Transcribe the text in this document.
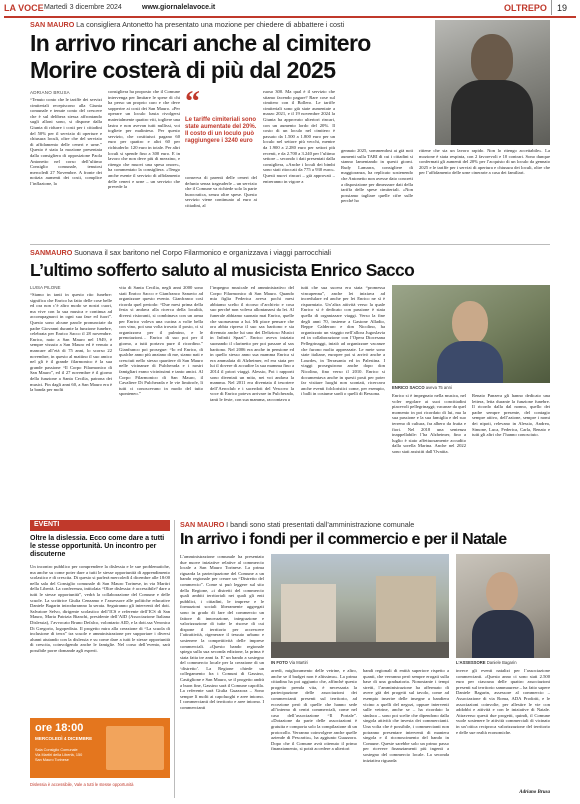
LA VOCE Martedì 3 dicembre 2024	www.giornalelavoce.it	OLTREPO 19
SAN MAURO La consigliera Antonetto ha presentato una mozione per chiedere di abbattere i costi
In arrivo rincari anche al cimitero
Morire costerà di più dal 2025
ADRIANO BRUSA
“Tenuto conto che le tariffe dei servizi cimiteriali recepiscono alla Giunta comunale e tenute conto del crescere che è sul delibera stessa affrontando sugli alloni sono, si dispone dalla Giunta di ridurre i costi per i cittadini del 50% per il servizio di operture e chiusura loculi, oltre che del servizio di affidamento delle ceneri e urne.” Questo è stata la mozione presentata dalla consigliera di opposizione Paola Antonetto nel corso dell’ultimo Consiglio comunale, tenutosi mercoledì 27 Novembre. A fronte dei notizia aumenti dei costi, complice l’inflazione, la
consigliera ha proposto che il Comune intervenga per limitare le spese di chi ha perso un proprio caro e che deve sopperire ai costi dei San Mauro. «Per operare un loculo basta rivolgersi materialmente quattro viti, togliere una lastra e non avevan tutti nullissi, voi togliete per malinteso. Per questo servizio, che costituisci pagano 60 euro per quattro e altri 60 per richiuderlo: 120 euro in totale. Per altri loculi si spende fino a 300 euro. E in lavoro che non deve più di mezzino, e ritengo che muovi una spesa onore», ha commentato la consigliera. «Tengo anche esente il servizio di affidamento delle ceneri e urne – un servizio che prevede la
“
Le tariffe cimiteriali sono state aumentate del 20%. Il costo di un loculo può raggiungere i 3240 euro
conserva di parenti delle ceneri del defunto senza tragruderle – un servizio che il Comune va richiede solo la parte burocratica, senza oltre spese. Questo servizio viene continuato al euro ai cittadini, al
ruoso 300. Ma qual è il servizio che stiamo facendo pagare? Rare cose sul cimitero con il Bollero. Le tariffe cimiteriali sono già state aumentate a marzo 2021, e il 19 novembre 2024 la Giunta ha approvato ulteriori rincari, con un aumento lordo del 20%. Il costo di un loculo nel cimitero è passato da 1.500 a 1.800 euro per un loculo nel settore più vecchi, mentre da 1.900 a 2.280 euro per settori più recenti, e da 2.700 a 3.240 per l’ultimo settore – secondo i dati presentati dalla consigliera, «Anche i loculi dei bimbi sono stati ritoccati da 775 a 930 euro». Questi nuovi rincari – già approvati – entreranno in vigore a
gennaio 2025, sommendosi ai già noti aumenti sulla TARI di cui i cittadini si stanno lamentando in questi giorni. Rudy Lamarra, consigliere di maggioranza, ha replicato sostenendo che Antonetto non avesse dato concreti a disposizione per dimezzare dati della tariffa delle spese cimiteriali. «Non possiamo tagliare quelle cifre sulle perché ho
ritiene che sia un lavoro rapido. Non lo ritengo accettabile». La mozione è stata respinta, con 2 favorevoli e 10 contrari. Sono dunque confermati gli aumenti del 20% per l’acquisto di un loculo da gennaio 2025 e le tariffe per i servizi di apertura e chiusura dei loculi, oltre che per l’affidamento delle urne cinerarie a casa dei familiari.
SANMAURO Suonava il sax baritono nel Corpo Filarmonico e organizzava i viaggi parrocchiali
L’ultimo sofferto saluto al musicista Enrico Sacco
LUISA PILONE
“Siamo in tanti in questo rito funebre: significa che Enrico ha fatto delle cose belle ed ora non c’è altro modo se nostri cuori, ma vive con la sua musica e continua ad accompagnarci in ogni sua fase ed fuori”. Questo sono alcune parole pronunciate da padre Giovanni durante la funzione funebre, celebrata per Enrico Sacco il 28 novembre. Enrico, nato a San Mauro nel 1949, è sempre vissuto a San Mauro ed è venuto a mancare all’età di 75 anni, lo scorso 22 novembre, in questo al mattino il suo amico nel gli è il grande filarmonico è la sua grande passione “Il Corpo Filarmonico di San Mauro”, ed il 27 novembre è il giorno della funzione a Santa Cecilia, patrona dei musici. Fin dagli anni 60, a San Mauro era è la banda per molti
vita di Santa Cecilia, negli anni 2000 sono stati Enrico Sacco e Gianfranco Sanavio ad organizzare questo evento. Gianfranco così ricorda quel periodo: “Due mesi prima della festa si andava alla ricerca della località, diversi ristoranti, si combinava con un arma per Enrico voleva una cucina a volte bella con vino, poi una volta trovato il posto, ci si organizzava per il pulmino, e le prenotazioni… Enrico di suo poi per il giorno, a tutti portava pure il ricordino.” Gianfranco poi prosegue: “Io ed Enrico, di qualche anno più anziano di me, siamo nati e cresciuti nello stesso quartiere di San Mauro nelle vicinanze di Pulcherada e i nostri famigliari erano vicinissimi e tanto amici. Al Corpo Filarmonico di San Mauro, il Cavaliere Di Pulcherada e le vie limitrofe, lì tutti ci conoscevano in modo del tutto sponteneo.”
l’impegno musicale ed amministrativo del Corpo Filarmonico di San Mauro. Quando mia figlia Federica aveva pochi mesi abbiamo scelto il ricorso d’archivio e cosa suo perché non voleva allontanarsi da lei. Al funerale abbiamo suonato mai Enrico, quelle che suonavamo a lui. Mi piace pensare che ora abbia ripreso il suo sax baritono e sia divenuto anche lui uno dei Delizioso Musici in Infiniti Spazi”. Enrico aveva iniziato suonando il clarinetto per poi passare al sax baritono. Nel 2006 era anche in pensione ed in quello stesso anno sua mamma Enrica si era ammalata di Alzheimer, ed era stata per lui il dovere di accudire la sua mamma fino a 2014 il priori viaggi. Alessio, Poi i rapporti sono diventati un mito, nei voi andava la mamma. Nel 2011 era diventata il tesoriere dell’Aeroclub e i sacerdoti del Vescovo la voce di Enrico poteva arrivare in Pulcherada, tanti le feste, con sua mamma, raccontava a
tutti che sua sucera era stata “promessa vincapenna”, anche lei iniziava ad incredulare ed anche per lei Enrico ne sì è risparmiato. Un’altra attività verso la quale Enrico si è dedicato con passione è stata quella di organizzare viaggi. Verso la fine degli anni 70, insieme a Gastone Alladio, Beppe Calderaro e don Nicolino, ha organizzato un viaggio nell’allora Jugoslavia ed in collaborazione con l’Opera Diocesana Pellegrinaggi, iniziò ad organizzare vacanze che furono molto apprezzate. Le mete sono state italiane, europee poi si arrivò anche a Lourdes, in Terrasanta ed in Palestina. I viaggi proseguirono anche dopo don Nicolino, fino verso il 2010. Enrico si documentava anche in questi posti per poter far visitare luoghi non scontati, ricercava anche eventi folcloristici come, per esempio, i balli in costume sardi o quelli di Bessona.
ENRICO SACCO aveva 75 anni
Enrico si è impegnato nella musica, nel voler regolare ai suoi concittadini piacevoli pellegrinaggi; vacanze da quel momento in poi ricordato di lui, ma la sua passione e la sua famiglia e del suo terreno di cultura, fra albero da frutta e fiori. Nel 2018 una sentenza inappellabile: l’ha Alzheimer, fino a luglio è stato affettuosamente accudito dalla sorella Marina. Anche nel 2022 sono stati assistiti dall’Ovatita.
Renato Panzera gli hanno dedicato una lettera, letta durante la funzione funebre. Il ricordo dalla dal nonno, quello dei padre sempre presente, del contagio sempre attivo, dell’azione, sempre i nomi dei nipoti, relevano in Alessio, Andrea, Simone, Luca, Federica, Carla, Renato e tutti gli altri che l’hanno conosciuto.
EVENTI
Oltre la dislessia. Ecco come dare a tutti le stesse opportunità. Un incontro per discuterne
Un incontro pubblico per comprendere la dislessia e le sue problematiche, ma anche su come poter dare a tutti le stesse opportunità di apprendimento scolastico e di crescita. Di questo si parlerà mercoledì 4 dicembre alle 18:00 nella sala del Consiglio comunale di San Mauro Torinese, in via Martiri della Libertà. La conferenza, intitolata “Oltre dislessia: è accessibile? dare a tutti le stesse opportunità”, vedrà la collaborazione del Comune e delle scuole. La scrittrice Giulia Cenzamo e l’assessore alle politiche educative Daniele Bagarin introdurranno la serata. Seguiranno gli interventi del dott. Salvatore Selvo, dirigente scolastico dell’ICS e referente dell’ICS di San Mauro, Maria Patrizia Bianchi, presidente dell’AID (Associazione Italiana Dislessia), l’avvocato Bruno Defalco, volontario AID, e la dott.ssa Veronica Di Gregorio, logopedista. Il progetto mira alla creazione di “La scuola di inclusione di terra” tra scuole e amministrazione per supportare i diversi alunni aiutando con la dislessia e su come dare a tutti le stesse opportunità di crescita, coinvolgendo anche le famiglie. Nel corso dell’evento, sarà possibile porre domande agli esperti.
ore 18:00
MERCOLEDÌ 4 DICEMBRE
Sala Consiglio Comunale
Via Martiri della Libertà, 150
San Mauro Torinese
Dislessia è accessibile, Vale a tutti le stesse opportunità
SAN MAURO I bandi sono stati presentati dall’amministrazione comunale
In arrivo i fondi per il commercio e per il Natale
L’amministrazione comunale ha presentato due nuove iniziative relative al commercio locale a San Mauro Torinese. La prima riguarda la partecipazione del Comune a un bando regionale per creare un “Distretto del commercio”. Come si può leggere sul sito della Regione, «i distretti del commercio quali ambiti territoriali nei quali gli enti pubblici, i cittadini, le imprese e le formazioni sociali liberamente aggregati sono in grado di fare del commercio un fattore di innovazione, integrazione e valorizzazione di tutte le risorse di cui dispone il territorio per accrescere l’attrattività, rigenerare il tessuto urbano e sostenere la competitività delle imprese commerciali. «Questo bando regionale spiega sulla sua seconda edizione, la prima è stata fatta tre anni fa. E’ un bando a sostegno del commercio locale per la creazione di un ‘distretto’. La Regione chiede un collegamento fra i Comuni di Gassino, Castiglione e San Mauro, se il progetto andrà a buon fine, Gassino sarà il Comune capofila. La referente sarà Giulia Guazzora – Sono sempre lì molti ai capoluoghi e aree intorno. I commercianti del territorio e aree intorno. I commercianti
IN FOTO Via Martiri
arredi, miglioramento delle vetrine, e altro, anche se il budget non è altissimo». La prima cittadina ha poi aggiunto che, affinché questo progetto prenda vita, è necessaria la partecipazione delle associazioni dei commercianti presenti sul territorio, ad eccezione però di quelle che hanno sede all’interno di centri commerciali, come nel caso dell’associazione “Il Portale”. «Dotazione da parte delle associazioni è gratuita e comporta solo la compilazione di un protocollo. Verranno coinvolgere anche quelle aziende di Pescarito», ha aggiunto Guazzora. Dopo che il Comune avrà ottenuto il primo finanziamento, si potrà accedere a ulteriori
bandi regionali di entità superiore rispetto a quanti, che verranno però sempre erogati sulla base di una graduatoria. Nonostante i tempi stretti, l’amministrazione ha affermato di avere già dei progetti sul tavolo, come ad esempio inserire delle insegne a bandiera vicino a quelli del negozi, oppure interventi sulle vetrine, anche se – ha ricordato la sindaca – sono poi scelte che dipendono dalla singola attività che investa dei commercianti. Una volta che è possibile, i commercianti non potranno presentare interventi di maniera singola e il riconoscimento del bando in Comune. Queste sarebbe solo un primo passo per ricevere finanziamenti più ingenti a sostegno del commercio locale. La seconda iniziativa riguarda
L’ASSESSORE Daniele Bagarin
invece gli eventi natalizi per l’associazione commercianti. «Questo anno ci sono stati 2.500 euro per ciascuna delle quattro associazioni presenti sul territorio sammaurese – ha fatto sapere Daniele Bagarin, assessore al commercio – Associazione di via Roma, ADA Prodotti, e le associazioni coinvolte, per allestire le vie con addobbi e attività e con le iniziative di Natale. Attraverso questi due progetti, quindi, il Comune vuole sostenere le attività commerciali di vicinato in un’ottica reciproca valorizzazione del territorio e delle sue realtà economiche.
Adriano Brusa
